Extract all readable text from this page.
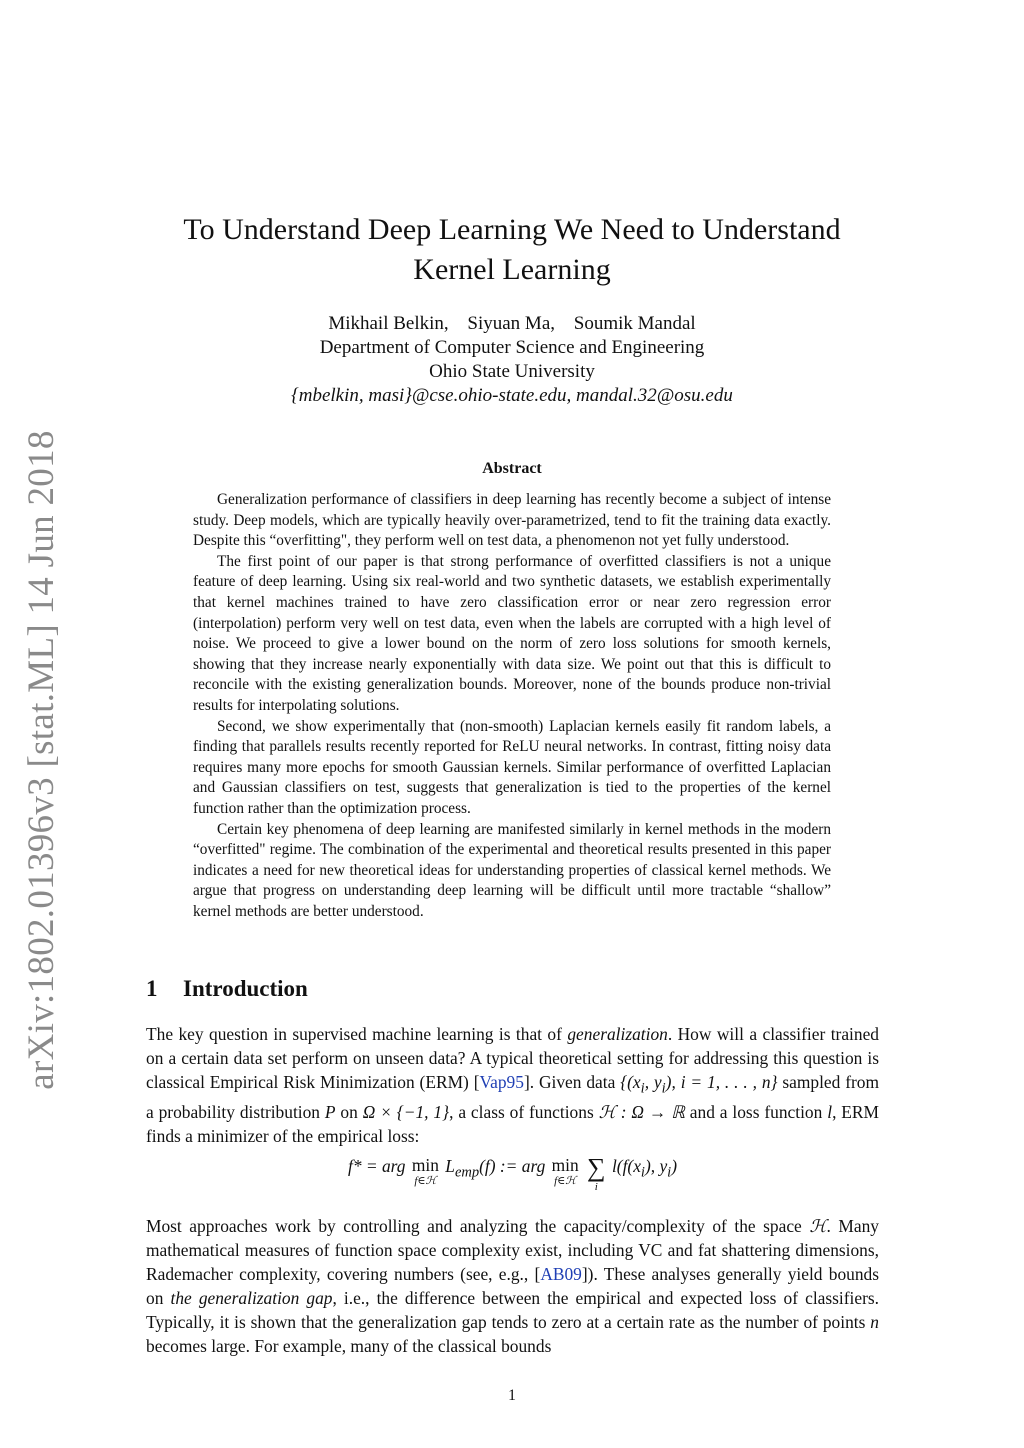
arXiv:1802.01396v3 [stat.ML] 14 Jun 2018
To Understand Deep Learning We Need to Understand
Kernel Learning
Mikhail Belkin, Siyuan Ma, Soumik Mandal
Department of Computer Science and Engineering
Ohio State University
{mbelkin, masi}@cse.ohio-state.edu, mandal.32@osu.edu
Abstract

Generalization performance of classifiers in deep learning has recently become a subject of intense study. Deep models, which are typically heavily over-parametrized, tend to fit the training data exactly. Despite this “overfitting", they perform well on test data, a phenomenon not yet fully understood.

The first point of our paper is that strong performance of overfitted classifiers is not a unique feature of deep learning. Using six real-world and two synthetic datasets, we establish experimentally that kernel machines trained to have zero classification error or near zero regression error (interpolation) perform very well on test data, even when the labels are corrupted with a high level of noise. We proceed to give a lower bound on the norm of zero loss solutions for smooth kernels, showing that they increase nearly exponentially with data size. We point out that this is difficult to reconcile with the existing generalization bounds. Moreover, none of the bounds produce non-trivial results for interpolating solutions.

Second, we show experimentally that (non-smooth) Laplacian kernels easily fit random labels, a finding that parallels results recently reported for ReLU neural networks. In contrast, fitting noisy data requires many more epochs for smooth Gaussian kernels. Similar performance of overfitted Laplacian and Gaussian classifiers on test, suggests that generalization is tied to the properties of the kernel function rather than the optimization process.

Certain key phenomena of deep learning are manifested similarly in kernel methods in the modern “overfitted" regime. The combination of the experimental and theoretical results presented in this paper indicates a need for new theoretical ideas for understanding properties of classical kernel methods. We argue that progress on understanding deep learning will be difficult until more tractable “shallow” kernel methods are better understood.

1 Introduction

The key question in supervised machine learning is that of generalization. How will a classifier trained on a certain data set perform on unseen data? A typical theoretical setting for addressing this question is classical Empirical Risk Minimization (ERM) [Vap95]. Given data {($x_i$, $y_i$), i = 1, . . . , n} sampled from a probability distribution P on Ω × {−1, 1}, a class of functions ℋ : Ω → ℝ and a loss function l, ERM finds a minimizer of the empirical loss:

f* = arg min
f∈ℋ
$L_{emp}(f)$ := arg min
f∈ℋ
∑
i
$l(f(x_i)$, $y_i$)

Most approaches work by controlling and analyzing the capacity/complexity of the space ℋ. Many mathematical measures of function space complexity exist, including VC and fat shattering dimensions, Rademacher complexity, covering numbers (see, e.g., [AB09]). These analyses generally yield bounds on the generalization gap, i.e., the difference between the empirical and expected loss of classifiers. Typically, it is shown that the generalization gap tends to zero at a certain rate as the number of points n becomes large. For example, many of the classical bounds

1
